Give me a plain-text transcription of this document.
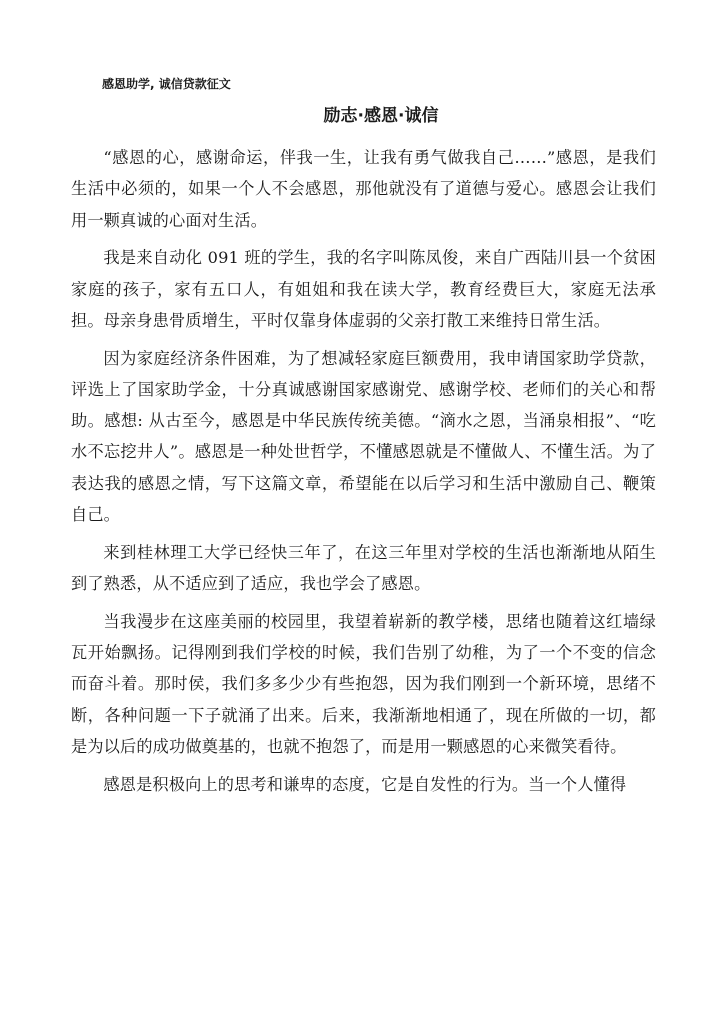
感恩助学, 诚信贷款征文
励志·感恩·诚信

“感恩的心，感谢命运，伴我一生，让我有勇气做我自己……”感恩，是我们生活中必须的，如果一个人不会感恩，那他就没有了道德与爱心。感恩会让我们用一颗真诚的心面对生活。

我是来自动化 091 班的学生，我的名字叫陈凤俊，来自广西陆川县一个贫困家庭的孩子，家有五口人，有姐姐和我在读大学，教育经费巨大，家庭无法承担。母亲身患骨质增生，平时仅靠身体虚弱的父亲打散工来维持日常生活。

因为家庭经济条件困难，为了想减轻家庭巨额费用，我申请国家助学贷款，评选上了国家助学金，十分真诚感谢国家感谢党、感谢学校、老师们的关心和帮助。感想: 从古至今，感恩是中华民族传统美德。“滴水之恩，当涌泉相报”、“吃水不忘挖井人”。感恩是一种处世哲学，不懂感恩就是不懂做人、不懂生活。为了表达我的感恩之情，写下这篇文章，希望能在以后学习和生活中激励自己、鞭策自己。

来到桂林理工大学已经快三年了，在这三年里对学校的生活也渐渐地从陌生到了熟悉，从不适应到了适应，我也学会了感恩。

当我漫步在这座美丽的校园里，我望着崭新的教学楼，思绪也随着这红墙绿瓦开始飘扬。记得刚到我们学校的时候，我们告别了幼稚，为了一个不变的信念而奋斗着。那时侯，我们多多少少有些抱怨，因为我们刚到一个新环境，思绪不断，各种问题一下子就涌了出来。后来，我渐渐地相通了，现在所做的一切，都是为以后的成功做奠基的，也就不抱怨了，而是用一颗感恩的心来微笑看待。

感恩是积极向上的思考和谦卑的态度，它是自发性的行为。当一个人懂得
